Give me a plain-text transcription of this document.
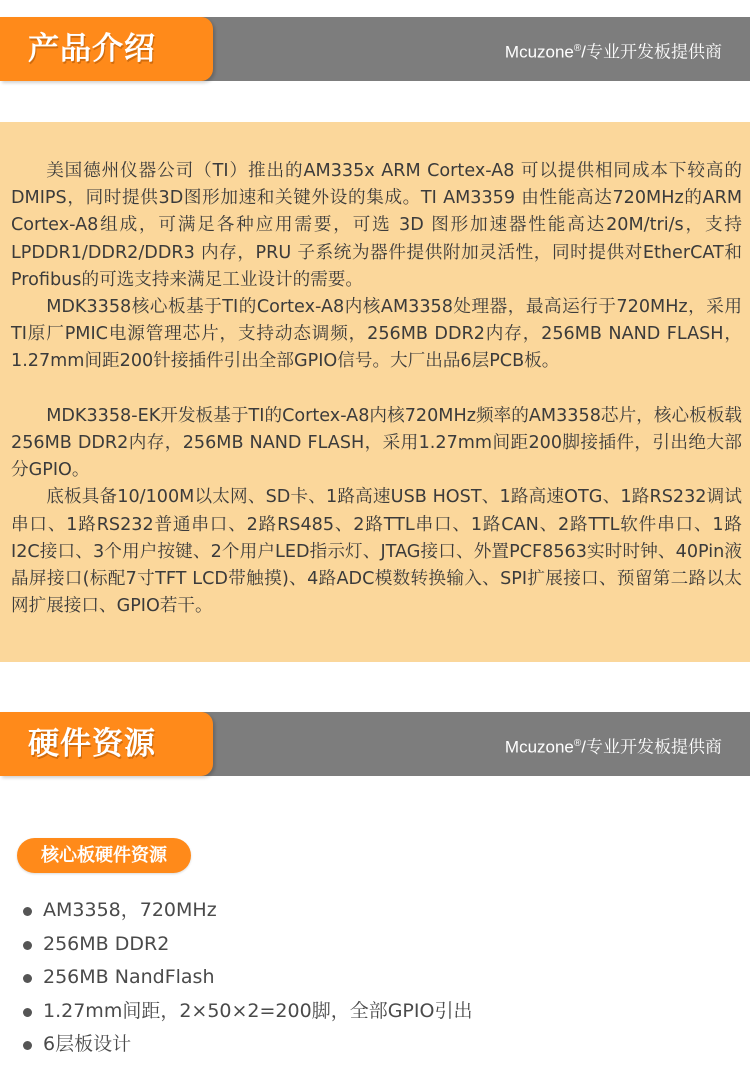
产品介绍	Mcuzone®/专业开发板提供商

美国德州仪器公司（TI）推出的AM335x ARM Cortex-A8 可以提供相同成本下较高的DMIPS，同时提供3D图形加速和关键外设的集成。TI AM3359 由性能高达720MHz的ARM Cortex-A8组成，可满足各种应用需要，可选 3D 图形加速器性能高达20M/tri/s，支持LPDDR1/DDR2/DDR3 内存，PRU 子系统为器件提供附加灵活性，同时提供对EtherCAT和Profibus的可选支持来满足工业设计的需要。

MDK3358核心板基于TI的Cortex-A8内核AM3358处理器，最高运行于720MHz，采用TI原厂PMIC电源管理芯片，支持动态调频，256MB DDR2内存，256MB NAND FLASH，1.27mm间距200针接插件引出全部GPIO信号。大厂出品6层PCB板。

MDK3358-EK开发板基于TI的Cortex-A8内核720MHz频率的AM3358芯片，核心板板载256MB DDR2内存，256MB NAND FLASH，采用1.27mm间距200脚接插件，引出绝大部分GPIO。

底板具备10/100M以太网、SD卡、1路高速USB HOST、1路高速OTG、1路RS232调试串口、1路RS232普通串口、2路RS485、2路TTL串口、1路CAN、2路TTL软件串口、1路I2C接口、3个用户按键、2个用户LED指示灯、JTAG接口、外置PCF8563实时时钟、40Pin液晶屏接口(标配7寸TFT LCD带触摸)、4路ADC模数转换输入、SPI扩展接口、预留第二路以太网扩展接口、GPIO若干。

硬件资源	Mcuzone®/专业开发板提供商
核心板硬件资源
AM3358，720MHz
256MB DDR2
256MB NandFlash
1.27mm间距，2×50×2=200脚，全部GPIO引出
6层板设计
